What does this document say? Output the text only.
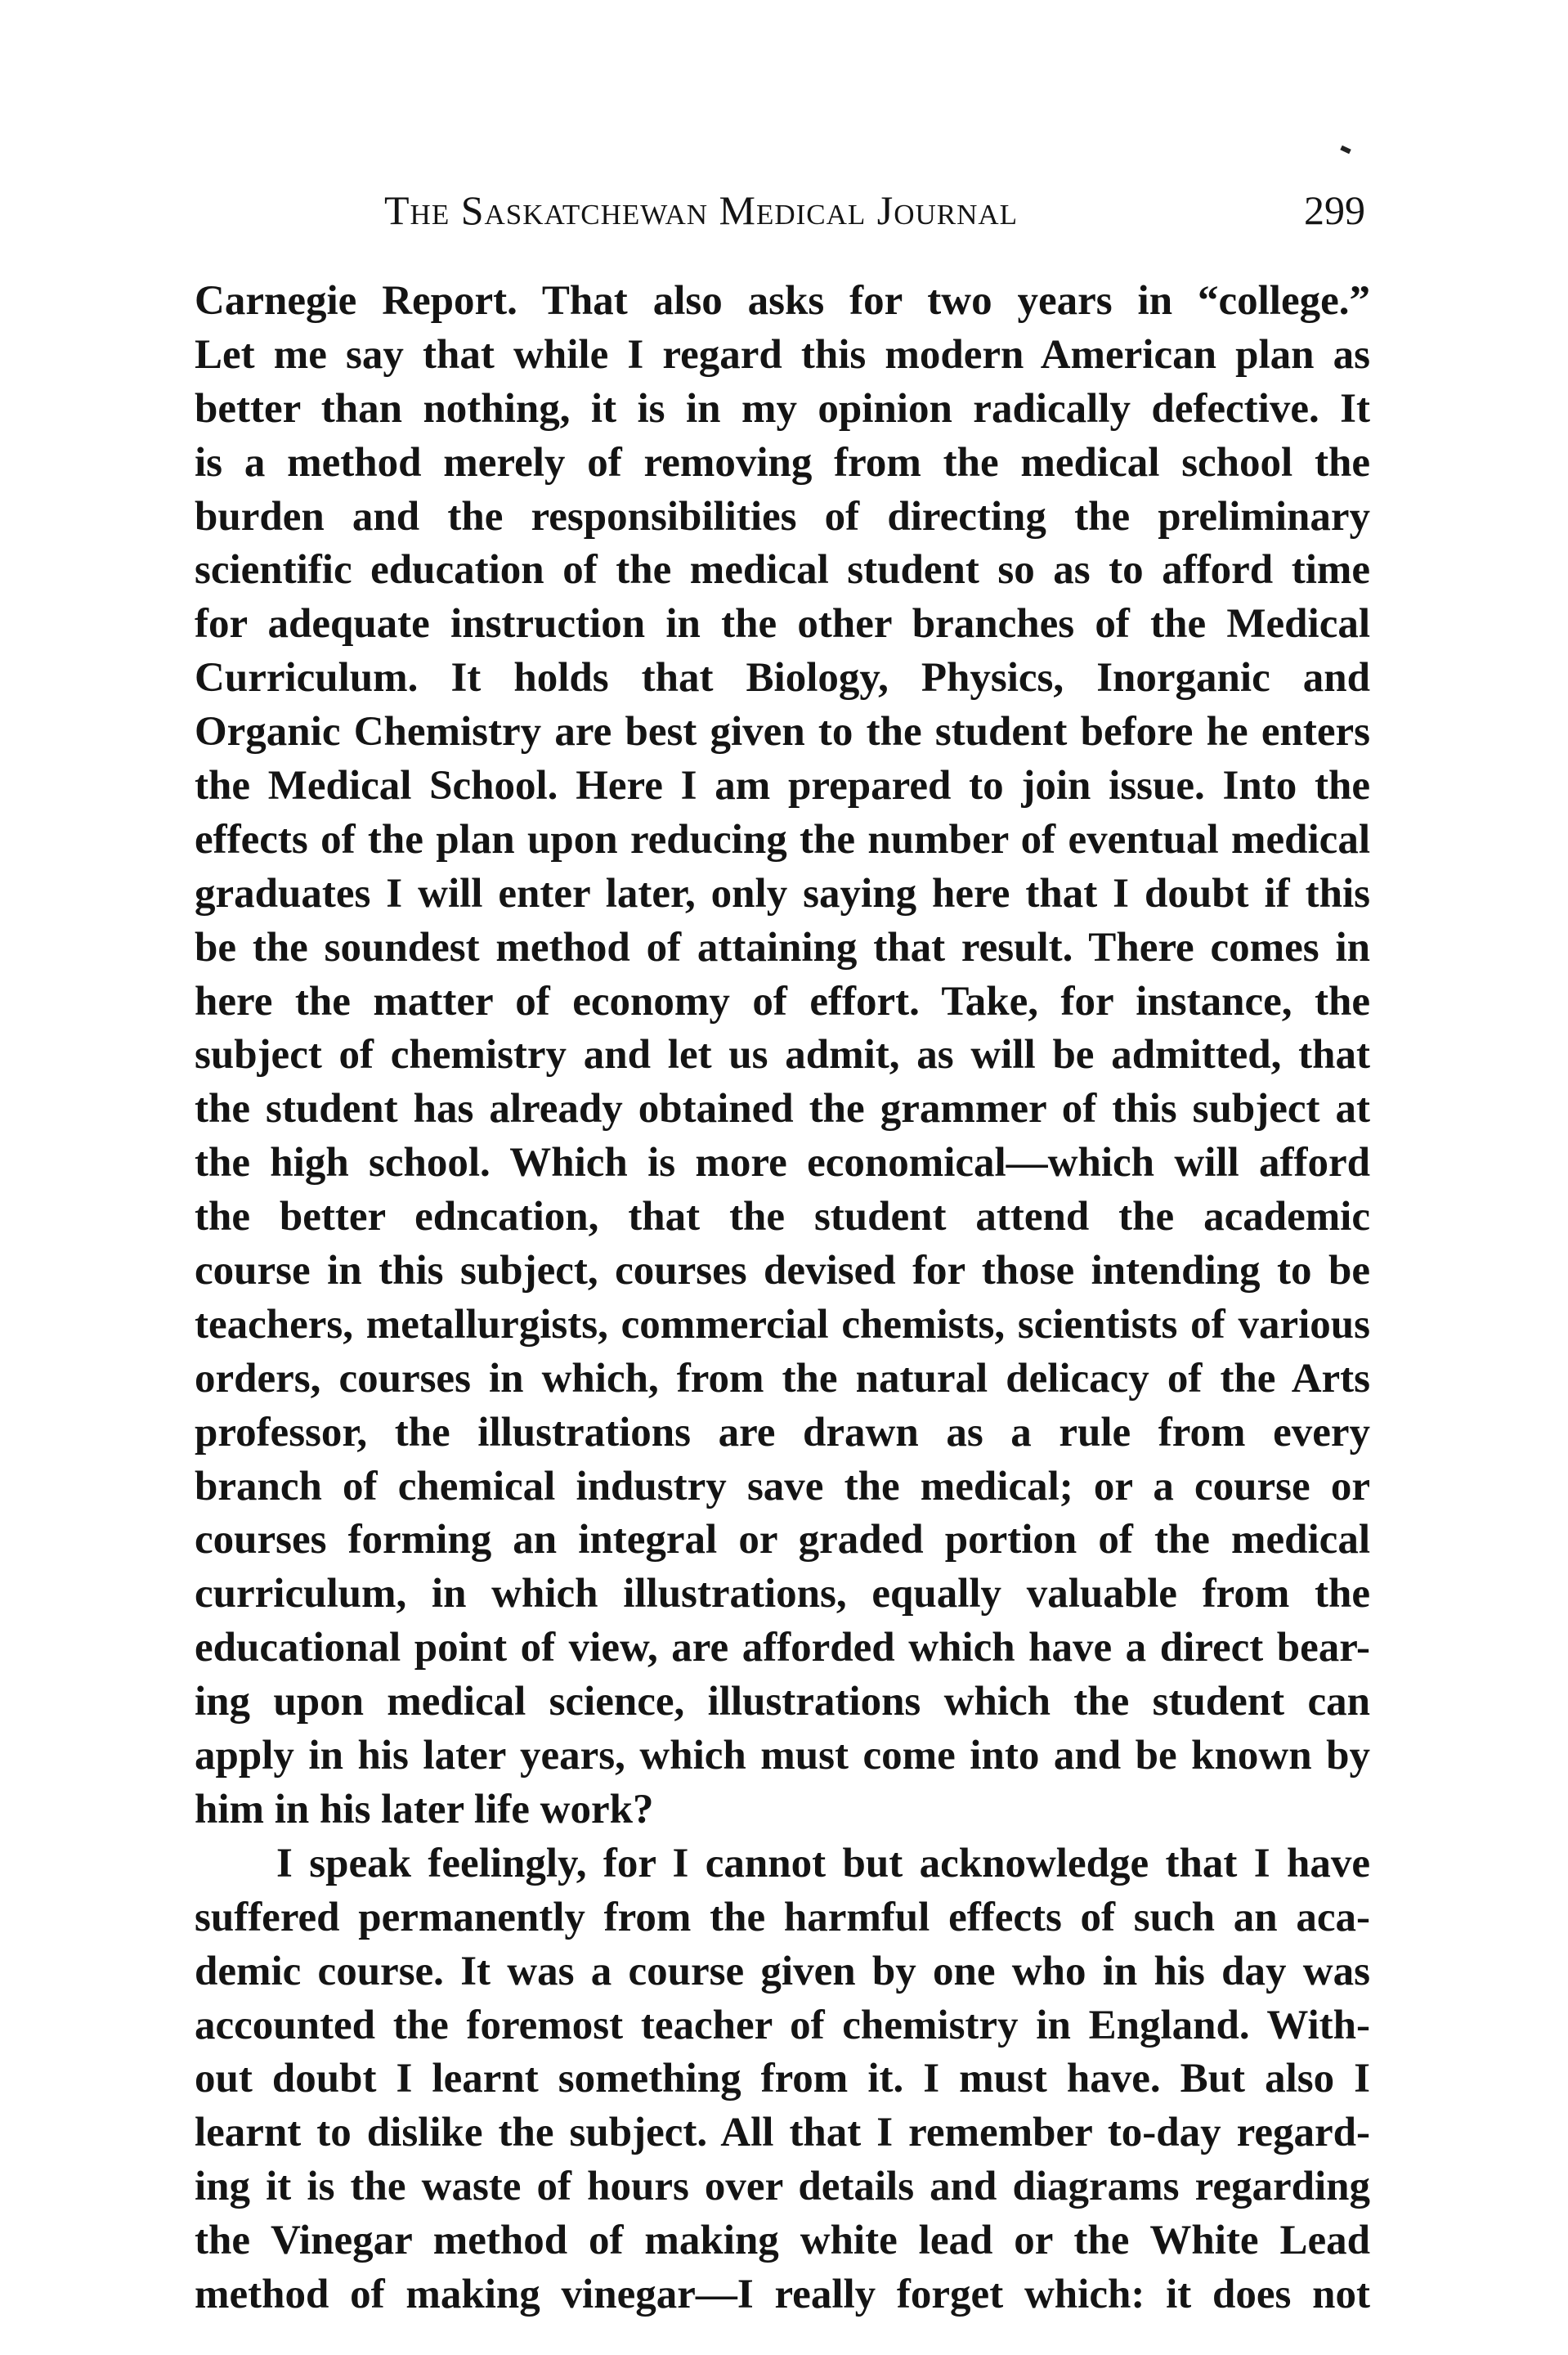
The Saskatchewan Medical Journal	299
Carnegie Report. That also asks for two years in “college.”
Let me say that while I regard this modern American plan as
better than nothing, it is in my opinion radically defective. It
is a method merely of removing from the medical school the
burden and the responsibilities of directing the preliminary
scientific education of the medical student so as to afford time
for adequate instruction in the other branches of the Medical
Curriculum. It holds that Biology, Physics, Inorganic and
Organic Chemistry are best given to the student before he enters
the Medical School. Here I am prepared to join issue. Into the
effects of the plan upon reducing the number of eventual medical
graduates I will enter later, only saying here that I doubt if this
be the soundest method of attaining that result. There comes in
here the matter of economy of effort. Take, for instance, the
subject of chemistry and let us admit, as will be admitted, that
the student has already obtained the grammer of this subject at
the high school. Which is more economical—which will afford
the better edncation, that the student attend the academic
course in this subject, courses devised for those intending to be
teachers, metallurgists, commercial chemists, scientists of various
orders, courses in which, from the natural delicacy of the Arts
professor, the illustrations are drawn as a rule from every
branch of chemical industry save the medical; or a course or
courses forming an integral or graded portion of the medical
curriculum, in which illustrations, equally valuable from the
educational point of view, are afforded which have a direct bear-
ing upon medical science, illustrations which the student can
apply in his later years, which must come into and be known by
him in his later life work?
I speak feelingly, for I cannot but acknowledge that I have
suffered permanently from the harmful effects of such an aca-
demic course. It was a course given by one who in his day was
accounted the foremost teacher of chemistry in England. With-
out doubt I learnt something from it. I must have. But also I
learnt to dislike the subject. All that I remember to-day regard-
ing it is the waste of hours over details and diagrams regarding
the Vinegar method of making white lead or the White Lead
method of making vinegar—I really forget which: it does not
